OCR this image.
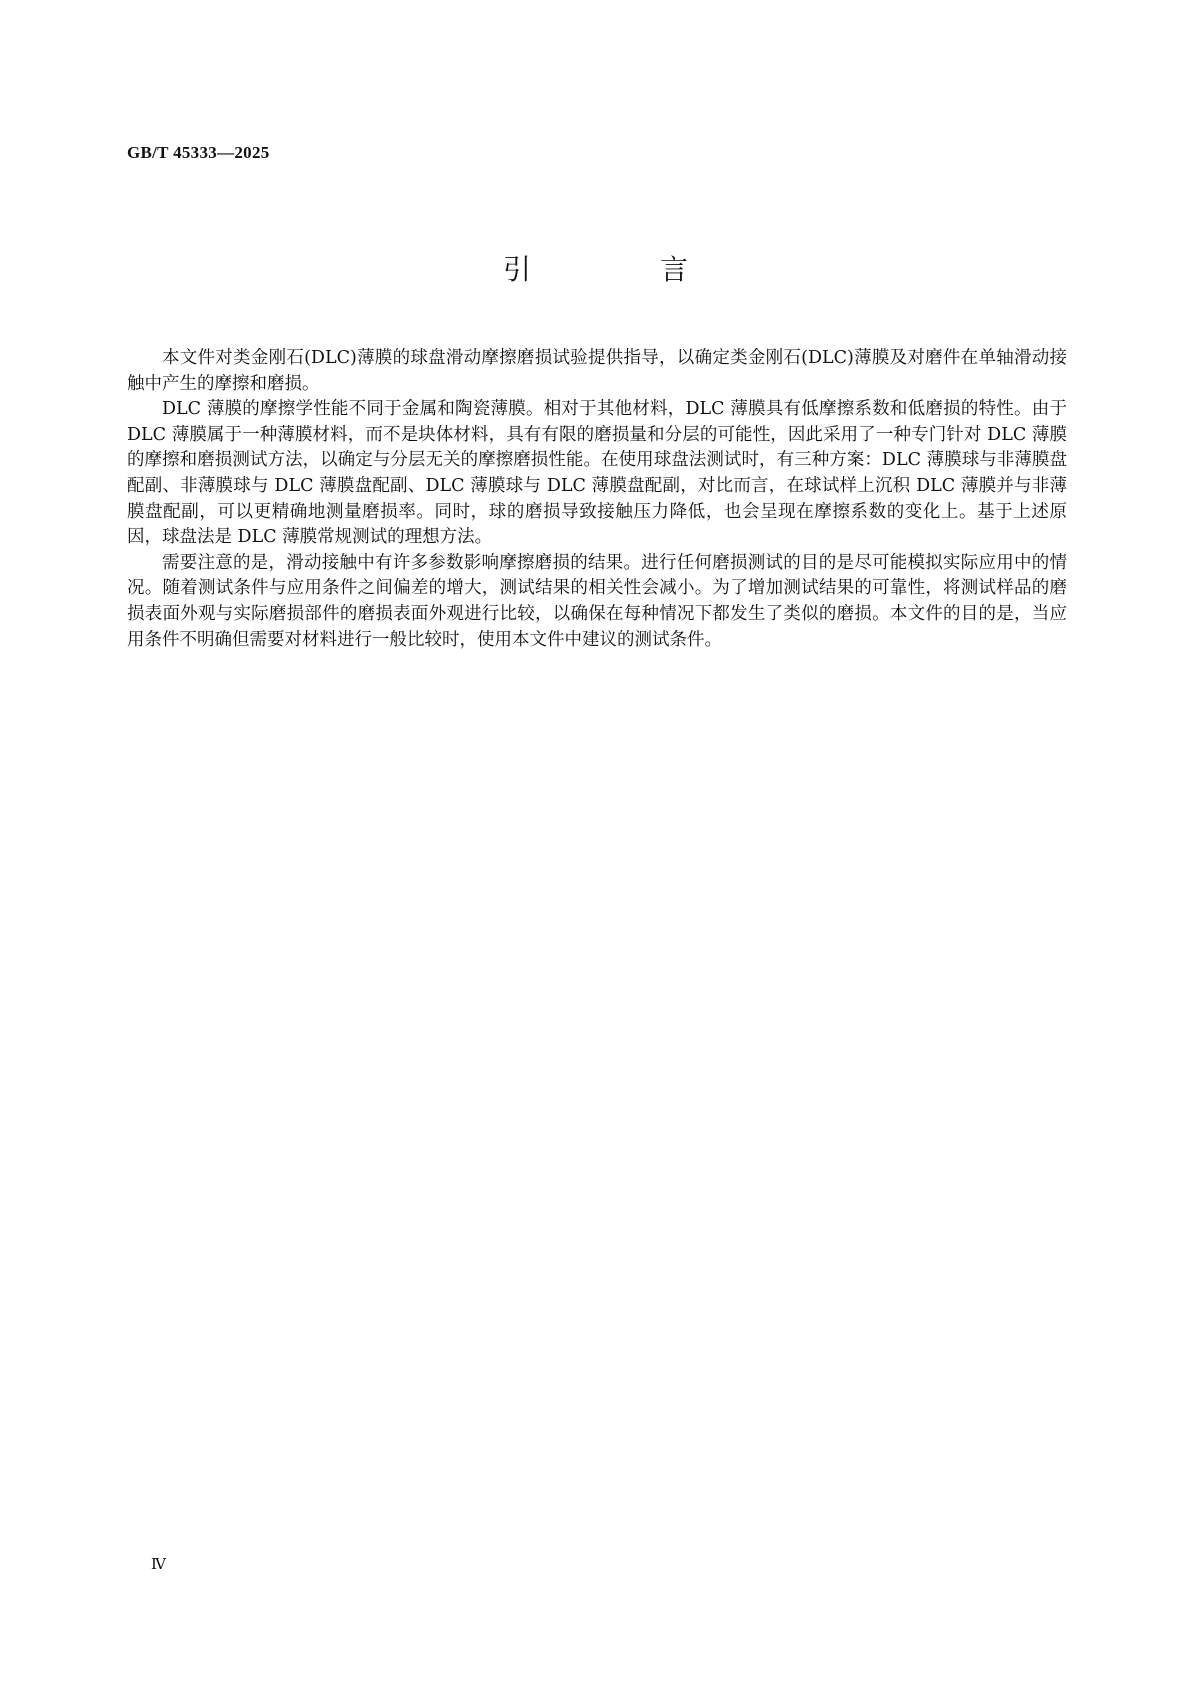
GB/T 45333—2025
引 言

本文件对类金刚石(DLC)薄膜的球盘滑动摩擦磨损试验提供指导，以确定类金刚石(DLC)薄膜及对磨件在单轴滑动接触中产生的摩擦和磨损。

DLC 薄膜的摩擦学性能不同于金属和陶瓷薄膜。相对于其他材料，DLC 薄膜具有低摩擦系数和低磨损的特性。由于 DLC 薄膜属于一种薄膜材料，而不是块体材料，具有有限的磨损量和分层的可能性，因此采用了一种专门针对 DLC 薄膜的摩擦和磨损测试方法，以确定与分层无关的摩擦磨损性能。在使用球盘法测试时，有三种方案：DLC 薄膜球与非薄膜盘配副、非薄膜球与 DLC 薄膜盘配副、DLC 薄膜球与 DLC 薄膜盘配副，对比而言，在球试样上沉积 DLC 薄膜并与非薄膜盘配副，可以更精确地测量磨损率。同时，球的磨损导致接触压力降低，也会呈现在摩擦系数的变化上。基于上述原因，球盘法是 DLC 薄膜常规测试的理想方法。

需要注意的是，滑动接触中有许多参数影响摩擦磨损的结果。进行任何磨损测试的目的是尽可能模拟实际应用中的情况。随着测试条件与应用条件之间偏差的增大，测试结果的相关性会减小。为了增加测试结果的可靠性，将测试样品的磨损表面外观与实际磨损部件的磨损表面外观进行比较，以确保在每种情况下都发生了类似的磨损。本文件的目的是，当应用条件不明确但需要对材料进行一般比较时，使用本文件中建议的测试条件。

Ⅳ
